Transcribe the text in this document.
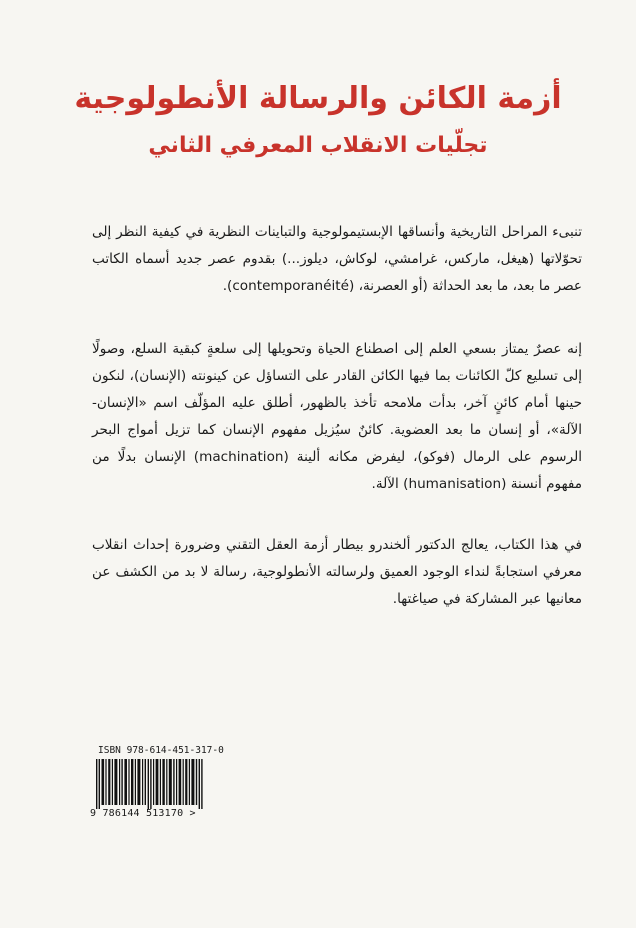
أزمة الكائن والرسالة الأنطولوجية
تجلّيات الانقلاب المعرفي الثاني

تنبىء المراحل التاريخية وأنساقها الإبستيمولوجية والتباينات النظرية في كيفية النظر إلى تحوّلاتها (هيغل، ماركس، غرامشي، لوكاش، ديلوز...) بقدوم عصر جديد أسماه الكاتب عصر ما بعد، ما بعد الحداثة (أو العصرنة، (contemporanéité).

إنه عصرٌ يمتاز بسعي العلم إلى اصطناع الحياة وتحويلها إلى سلعةٍ كبقية السلع، وصولًا إلى تسليع كلّ الكائنات بما فيها الكائن القادر على التساؤل عن كينونته (الإنسان)، لنكون حينها أمام كائنٍ آخر، بدأت ملامحه تأخذ بالظهور، أطلق عليه المؤلّف اسم «الإنسان-الآلة»، أو إنسان ما بعد العضوية. كائنٌ سيُزيل مفهوم الإنسان كما تزيل أمواج البحر الرسوم على الرمال (فوكو)، ليفرض مكانه ألينة (machination) الإنسان بدلًا من مفهوم أنسنة (humanisation) الآلة.

في هذا الكتاب، يعالج الدكتور ألخندرو بيطار أزمة العقل التقني وضرورة إحداث انقلاب معرفي استجابةً لنداء الوجود العميق ولرسالته الأنطولوجية، رسالة لا بد من الكشف عن معانيها عبر المشاركة في صياغتها.

ISBN 978-614-451-317-0
9 786144 513170 >
